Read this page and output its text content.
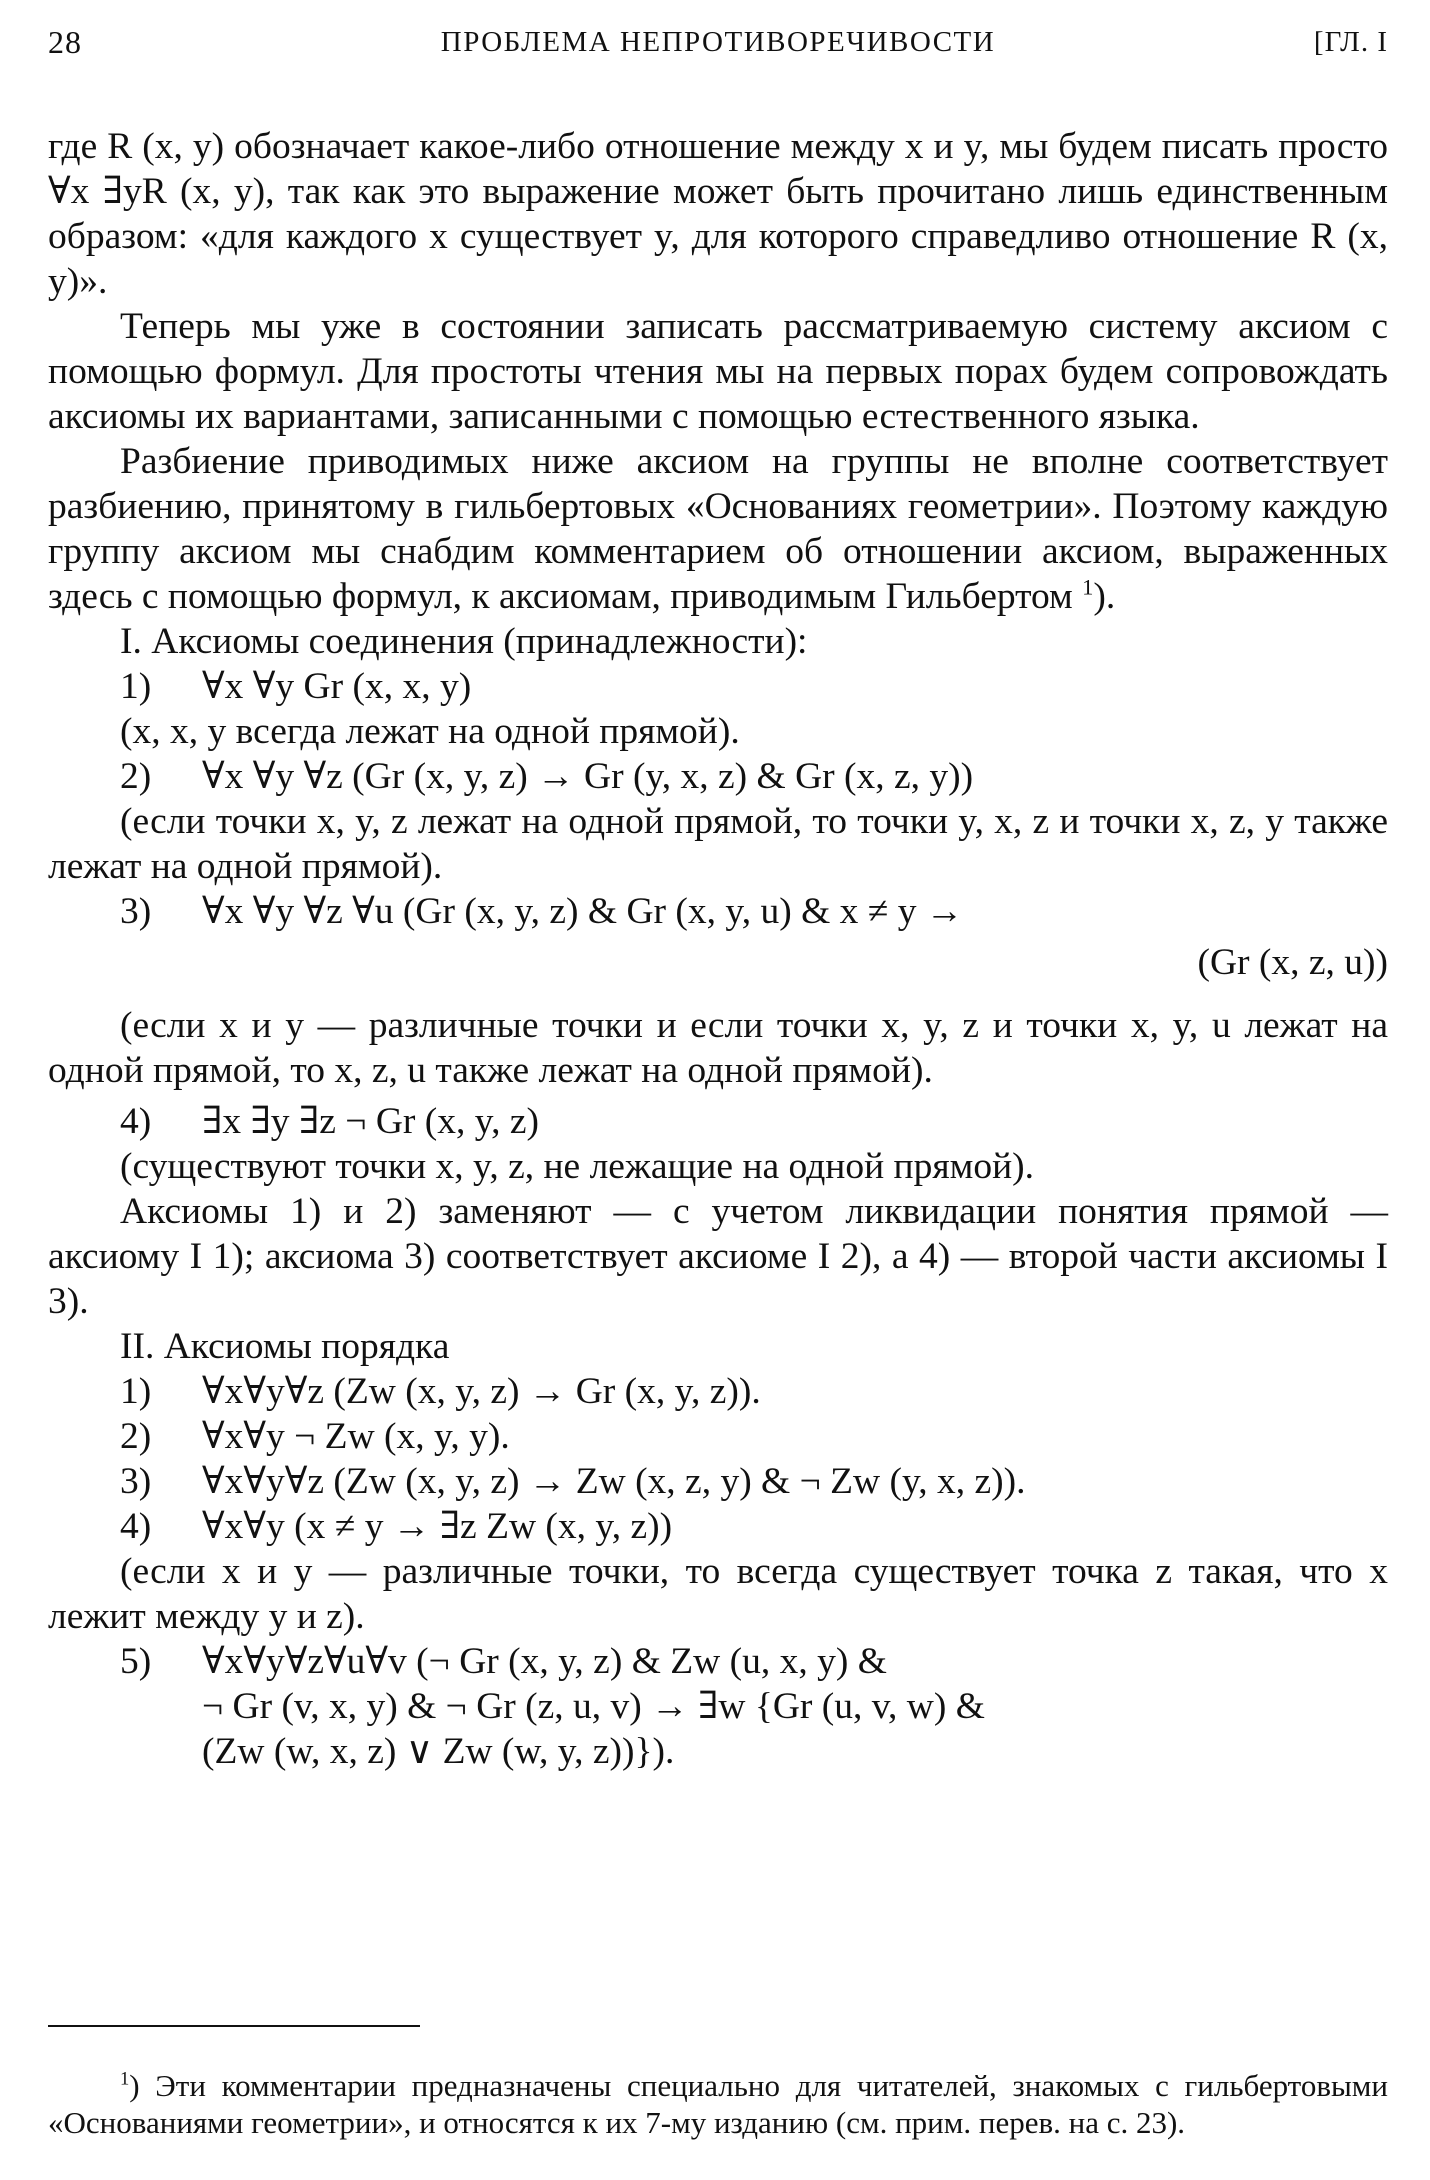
28	ПРОБЛЕМА НЕПРОТИВОРЕЧИВОСТИ	[ГЛ. I

где R (x, y) обозначает какое-либо отношение между x и y, мы будем писать просто ∀x ∃yR (x, y), так как это выражение может быть прочитано лишь единственным образом: «для каждого x существует y, для которого справедливо отношение R (x, y)».

Теперь мы уже в состоянии записать рассматриваемую систему аксиом с помощью формул. Для простоты чтения мы на первых порах будем сопровождать аксиомы их вариантами, записанными с помощью естественного языка.

Разбиение приводимых ниже аксиом на группы не вполне соответствует разбиению, принятому в гильбертовых «Основаниях геометрии». Поэтому каждую группу аксиом мы снабдим комментарием об отношении аксиом, выраженных здесь с помощью формул, к аксиомам, приводимым Гильбертом $^1$).

I. Аксиомы соединения (принадлежности):

1) ∀x ∀y Gr (x, x, y)

(x, x, y всегда лежат на одной прямой).

2) ∀x ∀y ∀z (Gr (x, y, z) → Gr (y, x, z) & Gr (x, z, y))

(если точки x, y, z лежат на одной прямой, то точки y, x, z и точки x, z, y также лежат на одной прямой).

3) ∀x ∀y ∀z ∀u (Gr (x, y, z) & Gr (x, y, u) & x ≠ y →

(Gr (x, z, u))

(если x и y — различные точки и если точки x, y, z и точки x, y, u лежат на одной прямой, то x, z, u также лежат на одной прямой).

4) ∃x ∃y ∃z ¬ Gr (x, y, z)

(существуют точки x, y, z, не лежащие на одной прямой).

Аксиомы 1) и 2) заменяют — с учетом ликвидации понятия прямой — аксиому I 1); аксиома 3) соответствует аксиоме I 2), а 4) — второй части аксиомы I 3).

II. Аксиомы порядка

1) ∀x∀y∀z (Zw (x, y, z) → Gr (x, y, z)).

2) ∀x∀y ¬ Zw (x, y, y).

3) ∀x∀y∀z (Zw (x, y, z) → Zw (x, z, y) & ¬ Zw (y, x, z)).

4) ∀x∀y (x ≠ y → ∃z Zw (x, y, z))

(если x и y — различные точки, то всегда существует точка z такая, что x лежит между y и z).

5) ∀x∀y∀z∀u∀v (¬ Gr (x, y, z) & Zw (u, x, y) &

¬ Gr (v, x, y) & ¬ Gr (z, u, v) → ∃w {Gr (u, v, w) &

(Zw (w, x, z) ∨ Zw (w, y, z))}).

$^1$) Эти комментарии предназначены специально для читателей, знакомых с гильбертовыми «Основаниями геометрии», и относятся к их 7-му изданию (см. прим. перев. на с. 23).
